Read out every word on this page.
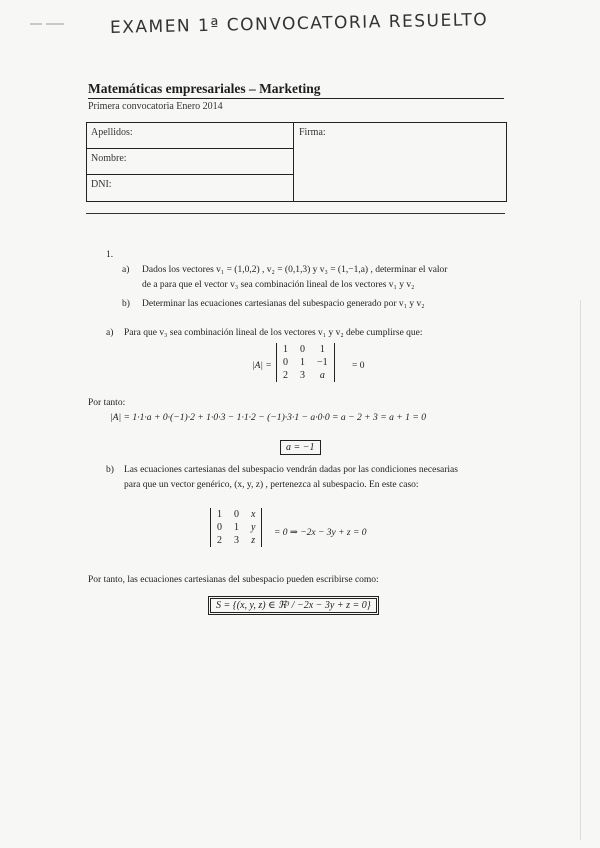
EXAMEN 1ª CONVOCATORIA RESUELTO
Matemáticas empresariales – Marketing
Primera convocatoria Enero 2014
Apellidos:
Nombre:
DNI:
Firma:
1.
a) Dados los vectores v₁ = (1,0,2) , v₂ = (0,1,3) y v₃ = (1,−1,a) , determinar el valor
de a para que el vector v₃ sea combinación lineal de los vectores v₁ y v₂
b) Determinar las ecuaciones cartesianas del subespacio generado por v₁ y v₂
a) Para que v₃ sea combinación lineal de los vectores v₁ y v₂ debe cumplirse que:
|A| =
1	0	1
0	1	−1
2	3	a
= 0
Por tanto:
|A| = 1·1·a + 0·(−1)·2 + 1·0·3 − 1·1·2 − (−1)·3·1 − a·0·0 = a − 2 + 3 = a + 1 = 0
a = −1
b) Las ecuaciones cartesianas del subespacio vendrán dadas por las condiciones necesarias
para que un vector genérico, (x, y, z) , pertenezca al subespacio. En este caso:
1	0	x
0	1	y
2	3	z
= 0 ⇒ −2x − 3y + z = 0
Por tanto, las ecuaciones cartesianas del subespacio pueden escribirse como:
S = {(x, y, z) ∈ ℜ³ / −2x − 3y + z = 0}
